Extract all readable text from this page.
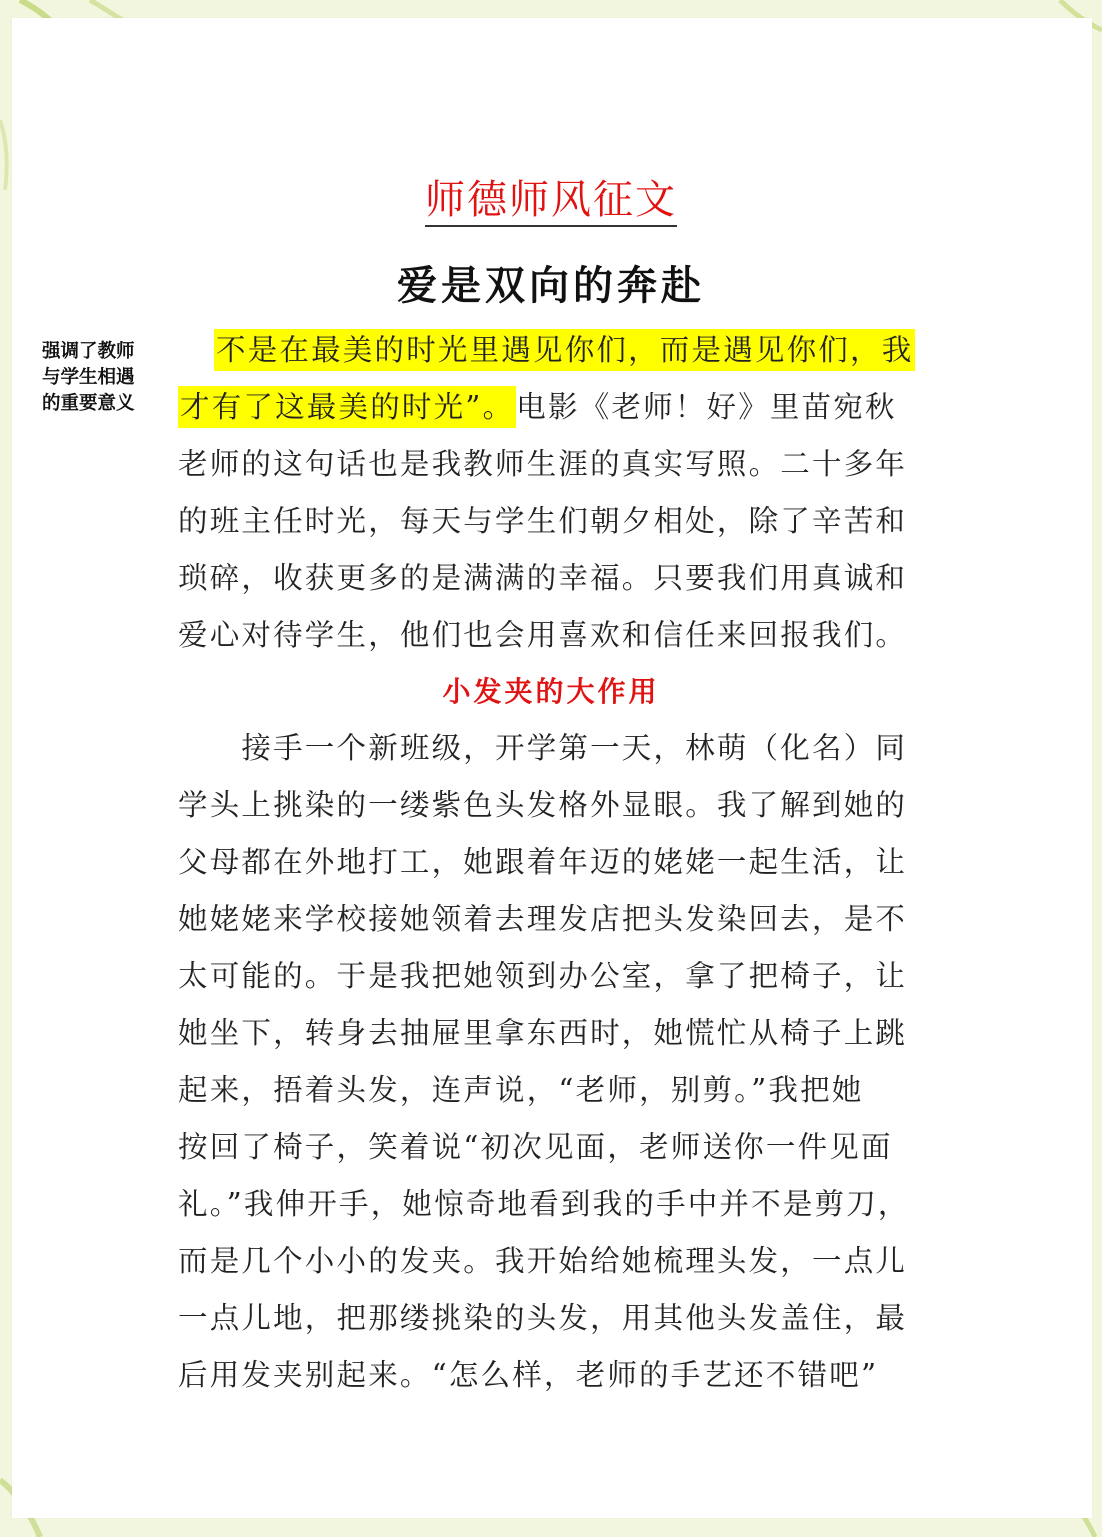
师德师风征文
爱是双向的奔赴
强调了教师
与学生相遇
的重要意义
不是在最美的时光里遇见你们，而是遇见你们，我
才有了这最美的时光”。电影《老师！好》里苗宛秋
老师的这句话也是我教师生涯的真实写照。二十多年
的班主任时光，每天与学生们朝夕相处，除了辛苦和
琐碎，收获更多的是满满的幸福。只要我们用真诚和
爱心对待学生，他们也会用喜欢和信任来回报我们。
小发夹的大作用
　　接手一个新班级，开学第一天，林萌（化名）同
学头上挑染的一缕紫色头发格外显眼。我了解到她的
父母都在外地打工，她跟着年迈的姥姥一起生活，让
她姥姥来学校接她领着去理发店把头发染回去，是不
太可能的。于是我把她领到办公室，拿了把椅子，让
她坐下，转身去抽屉里拿东西时，她慌忙从椅子上跳
起来，捂着头发，连声说，“老师，别剪。”我把她
按回了椅子，笑着说“初次见面，老师送你一件见面
礼。”我伸开手，她惊奇地看到我的手中并不是剪刀，
而是几个小小的发夹。我开始给她梳理头发，一点儿
一点儿地，把那缕挑染的头发，用其他头发盖住，最
后用发夹别起来。“怎么样，老师的手艺还不错吧”
